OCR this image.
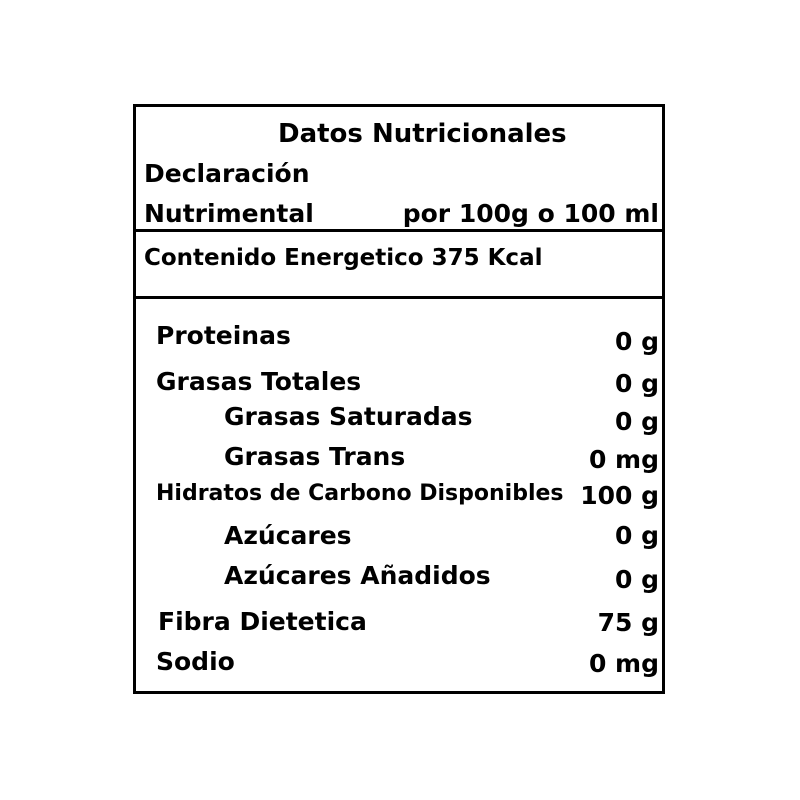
Datos Nutricionales
Declaración
Nutrimental	por 100g o 100 ml
Contenido Energetico 375 Kcal
Proteinas	0 g
Grasas Totales	0 g
Grasas Saturadas	0 g
Grasas Trans	0 mg
Hidratos de Carbono Disponibles 100 g
Azúcares	0 g
Azúcares Añadidos	0 g
Fibra Dietetica	75 g
Sodio	0 mg
